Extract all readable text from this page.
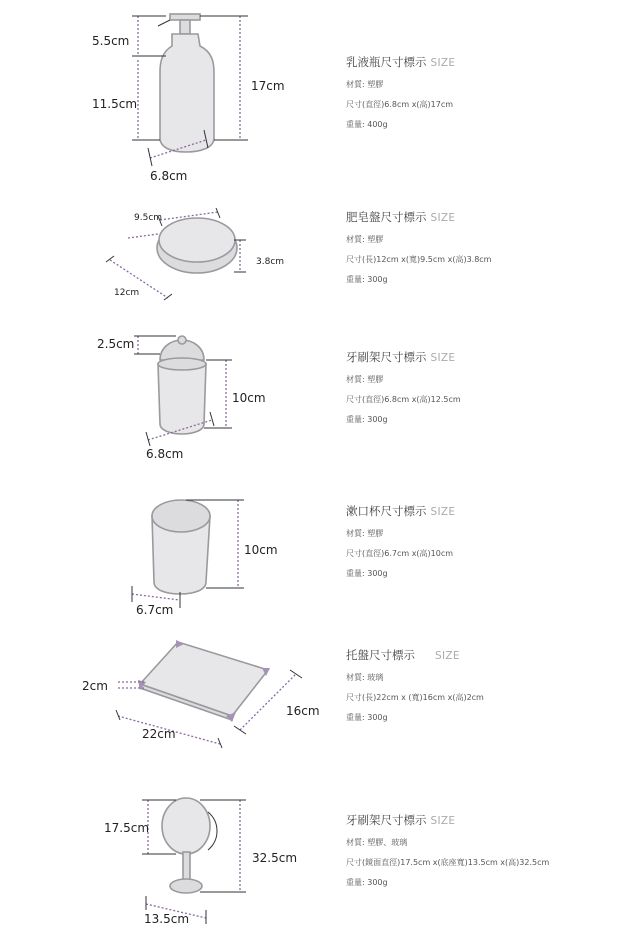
5.5cm
11.5cm
17cm
6.8cm
乳液瓶尺寸標示 SIZE
材質: 塑膠
尺寸(直徑)6.8cm x(高)17cm
重量: 400g
9.5cm
3.8cm
12cm
肥皂盤尺寸標示 SIZE
材質: 塑膠
尺寸(長)12cm x(寬)9.5cm x(高)3.8cm
重量: 300g
2.5cm
10cm
6.8cm
牙刷架尺寸標示 SIZE
材質: 塑膠
尺寸(直徑)6.8cm x(高)12.5cm
重量: 300g
10cm
6.7cm
漱口杯尺寸標示 SIZE
材質: 塑膠
尺寸(直徑)6.7cm x(高)10cm
重量: 300g
2cm
16cm
22cm
托盤尺寸標示 SIZE
材質: 玻璃
尺寸(長)22cm x (寬)16cm x(高)2cm
重量: 300g
17.5cm
32.5cm
13.5cm
牙刷架尺寸標示 SIZE
材質: 塑膠、玻璃
尺寸(鏡面直徑)17.5cm x(底座寬)13.5cm x(高)32.5cm
重量: 300g
